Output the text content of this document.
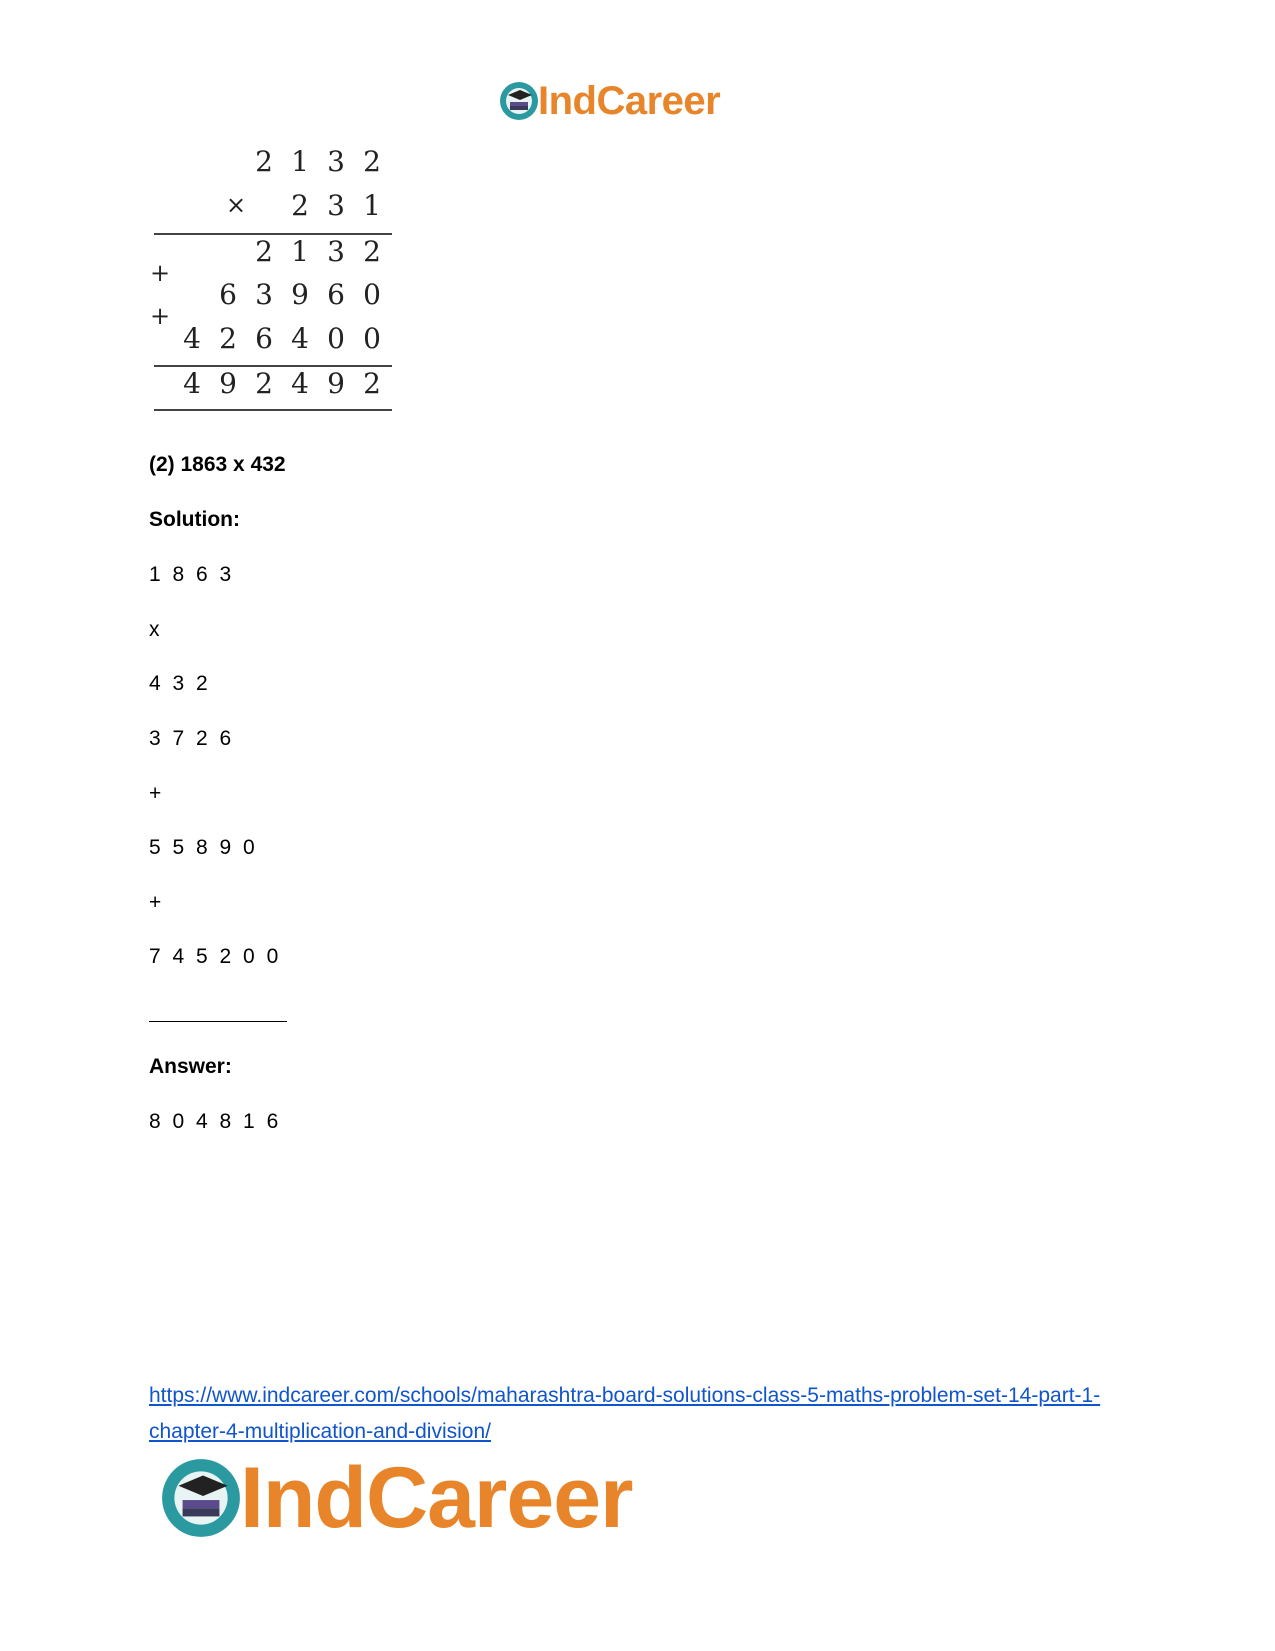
IndCareer
2 1 3 2
×	2 3 1
2 1 3 2
+
6 3 9 6 0
+
4 2 6 4 0 0
4 9 2 4 9 2
(2) 1863 x 432
Solution:
1 8 6 3
x
4 3 2
3 7 2 6
+
5 5 8 9 0
+
7 4 5 2 0 0
Answer:
8 0 4 8 1 6
https://www.indcareer.com/schools/maharashtra-board-solutions-class-5-maths-problem-set-14-part-1-chapter-4-multiplication-and-division/
IndCareer
